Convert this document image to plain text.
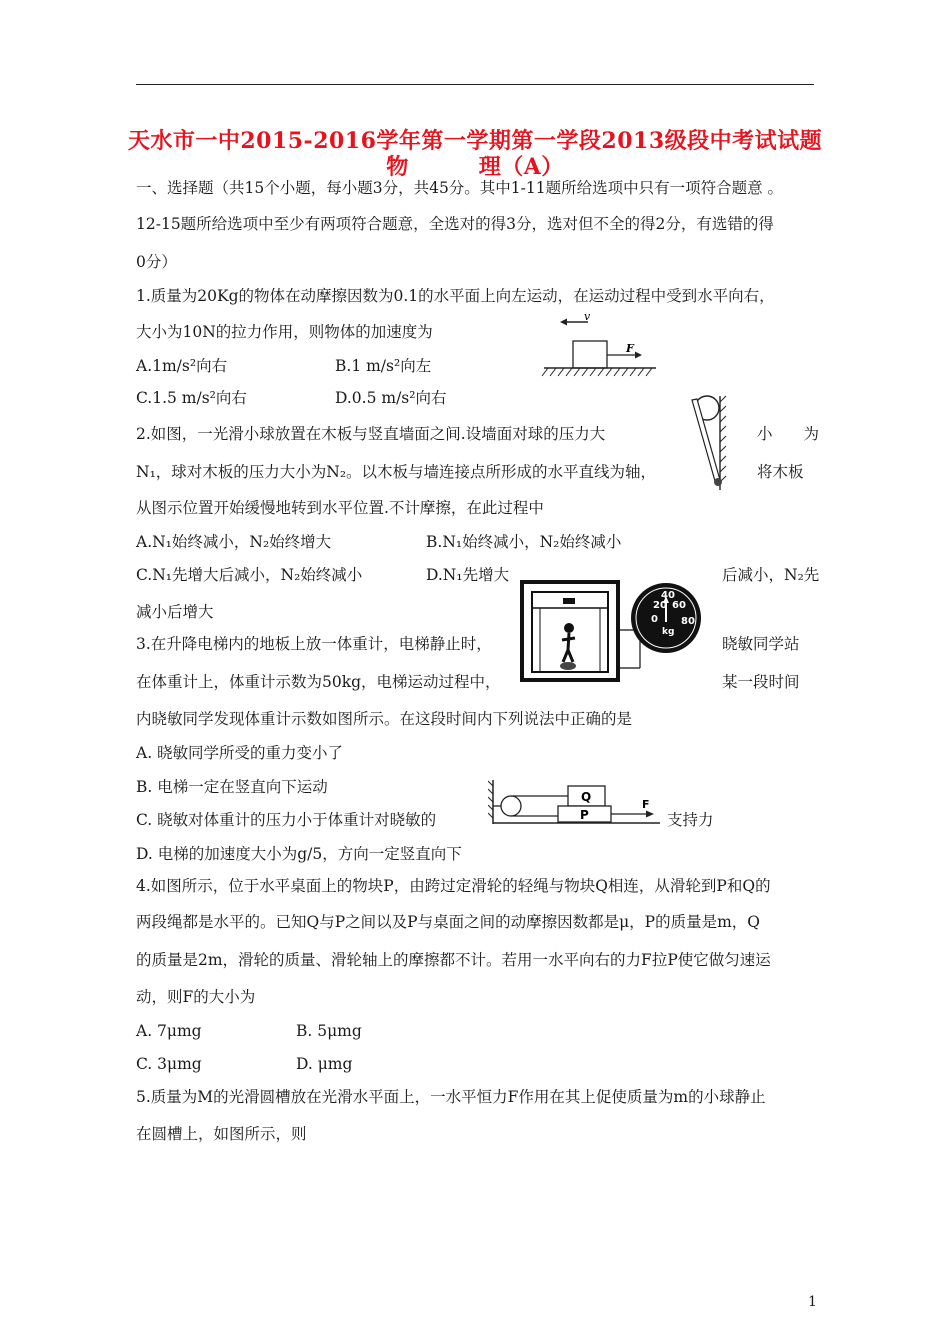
天水市一中2015-2016学年第一学期第一学段2013级段中考试试题
物	理（A）
一、选择题（共15个小题，每小题3分，共45分。其中1-11题所给选项中只有一项符合题意 。
12-15题所给选项中至少有两项符合题意，全选对的得3分，选对但不全的得2分，有选错的得
0分）
1.质量为20Kg的物体在动摩擦因数为0.1的水平面上向左运动，在运动过程中受到水平向右，
大小为10N的拉力作用，则物体的加速度为
A.1m/s²向右	B.1 m/s²向左
C.1.5 m/s²向右	D.0.5 m/s²向右
v
F
2.如图，一光滑小球放置在木板与竖直墙面之间.设墙面对球的压力大	小　　为
N₁，球对木板的压力大小为N₂。以木板与墙连接点所形成的水平直线为轴，	将木板
从图示位置开始缓慢地转到水平位置.不计摩擦，在此过程中
A.N₁始终减小，N₂始终增大	B.N₁始终减小，N₂始终减小
C.N₁先增大后减小，N₂始终减小	D.N₁先增大	后减小，N₂先
减小后增大
3.在升降电梯内的地板上放一体重计，电梯静止时，	晓敏同学站
在体重计上，体重计示数为50kg，电梯运动过程中，	某一段时间
内晓敏同学发现体重计示数如图所示。在这段时间内下列说法中正确的是
A. 晓敏同学所受的重力变小了
B. 电梯一定在竖直向下运动
C. 晓敏对体重计的压力小于体重计对晓敏的	支持力
D. 电梯的加速度大小为g/5，方向一定竖直向下
20
40
60
0 80
kg
Q
P
F
4.如图所示，位于水平桌面上的物块P，由跨过定滑轮的轻绳与物块Q相连，从滑轮到P和Q的
两段绳都是水平的。已知Q与P之间以及P与桌面之间的动摩擦因数都是μ，P的质量是m，Q
的质量是2m，滑轮的质量、滑轮轴上的摩擦都不计。若用一水平向右的力F拉P使它做匀速运
动，则F的大小为
A. 7μmg	B. 5μmg
C. 3μmg	D. μmg
5.质量为M的光滑圆槽放在光滑水平面上，一水平恒力F作用在其上促使质量为m的小球静止
在圆槽上，如图所示，则
1
